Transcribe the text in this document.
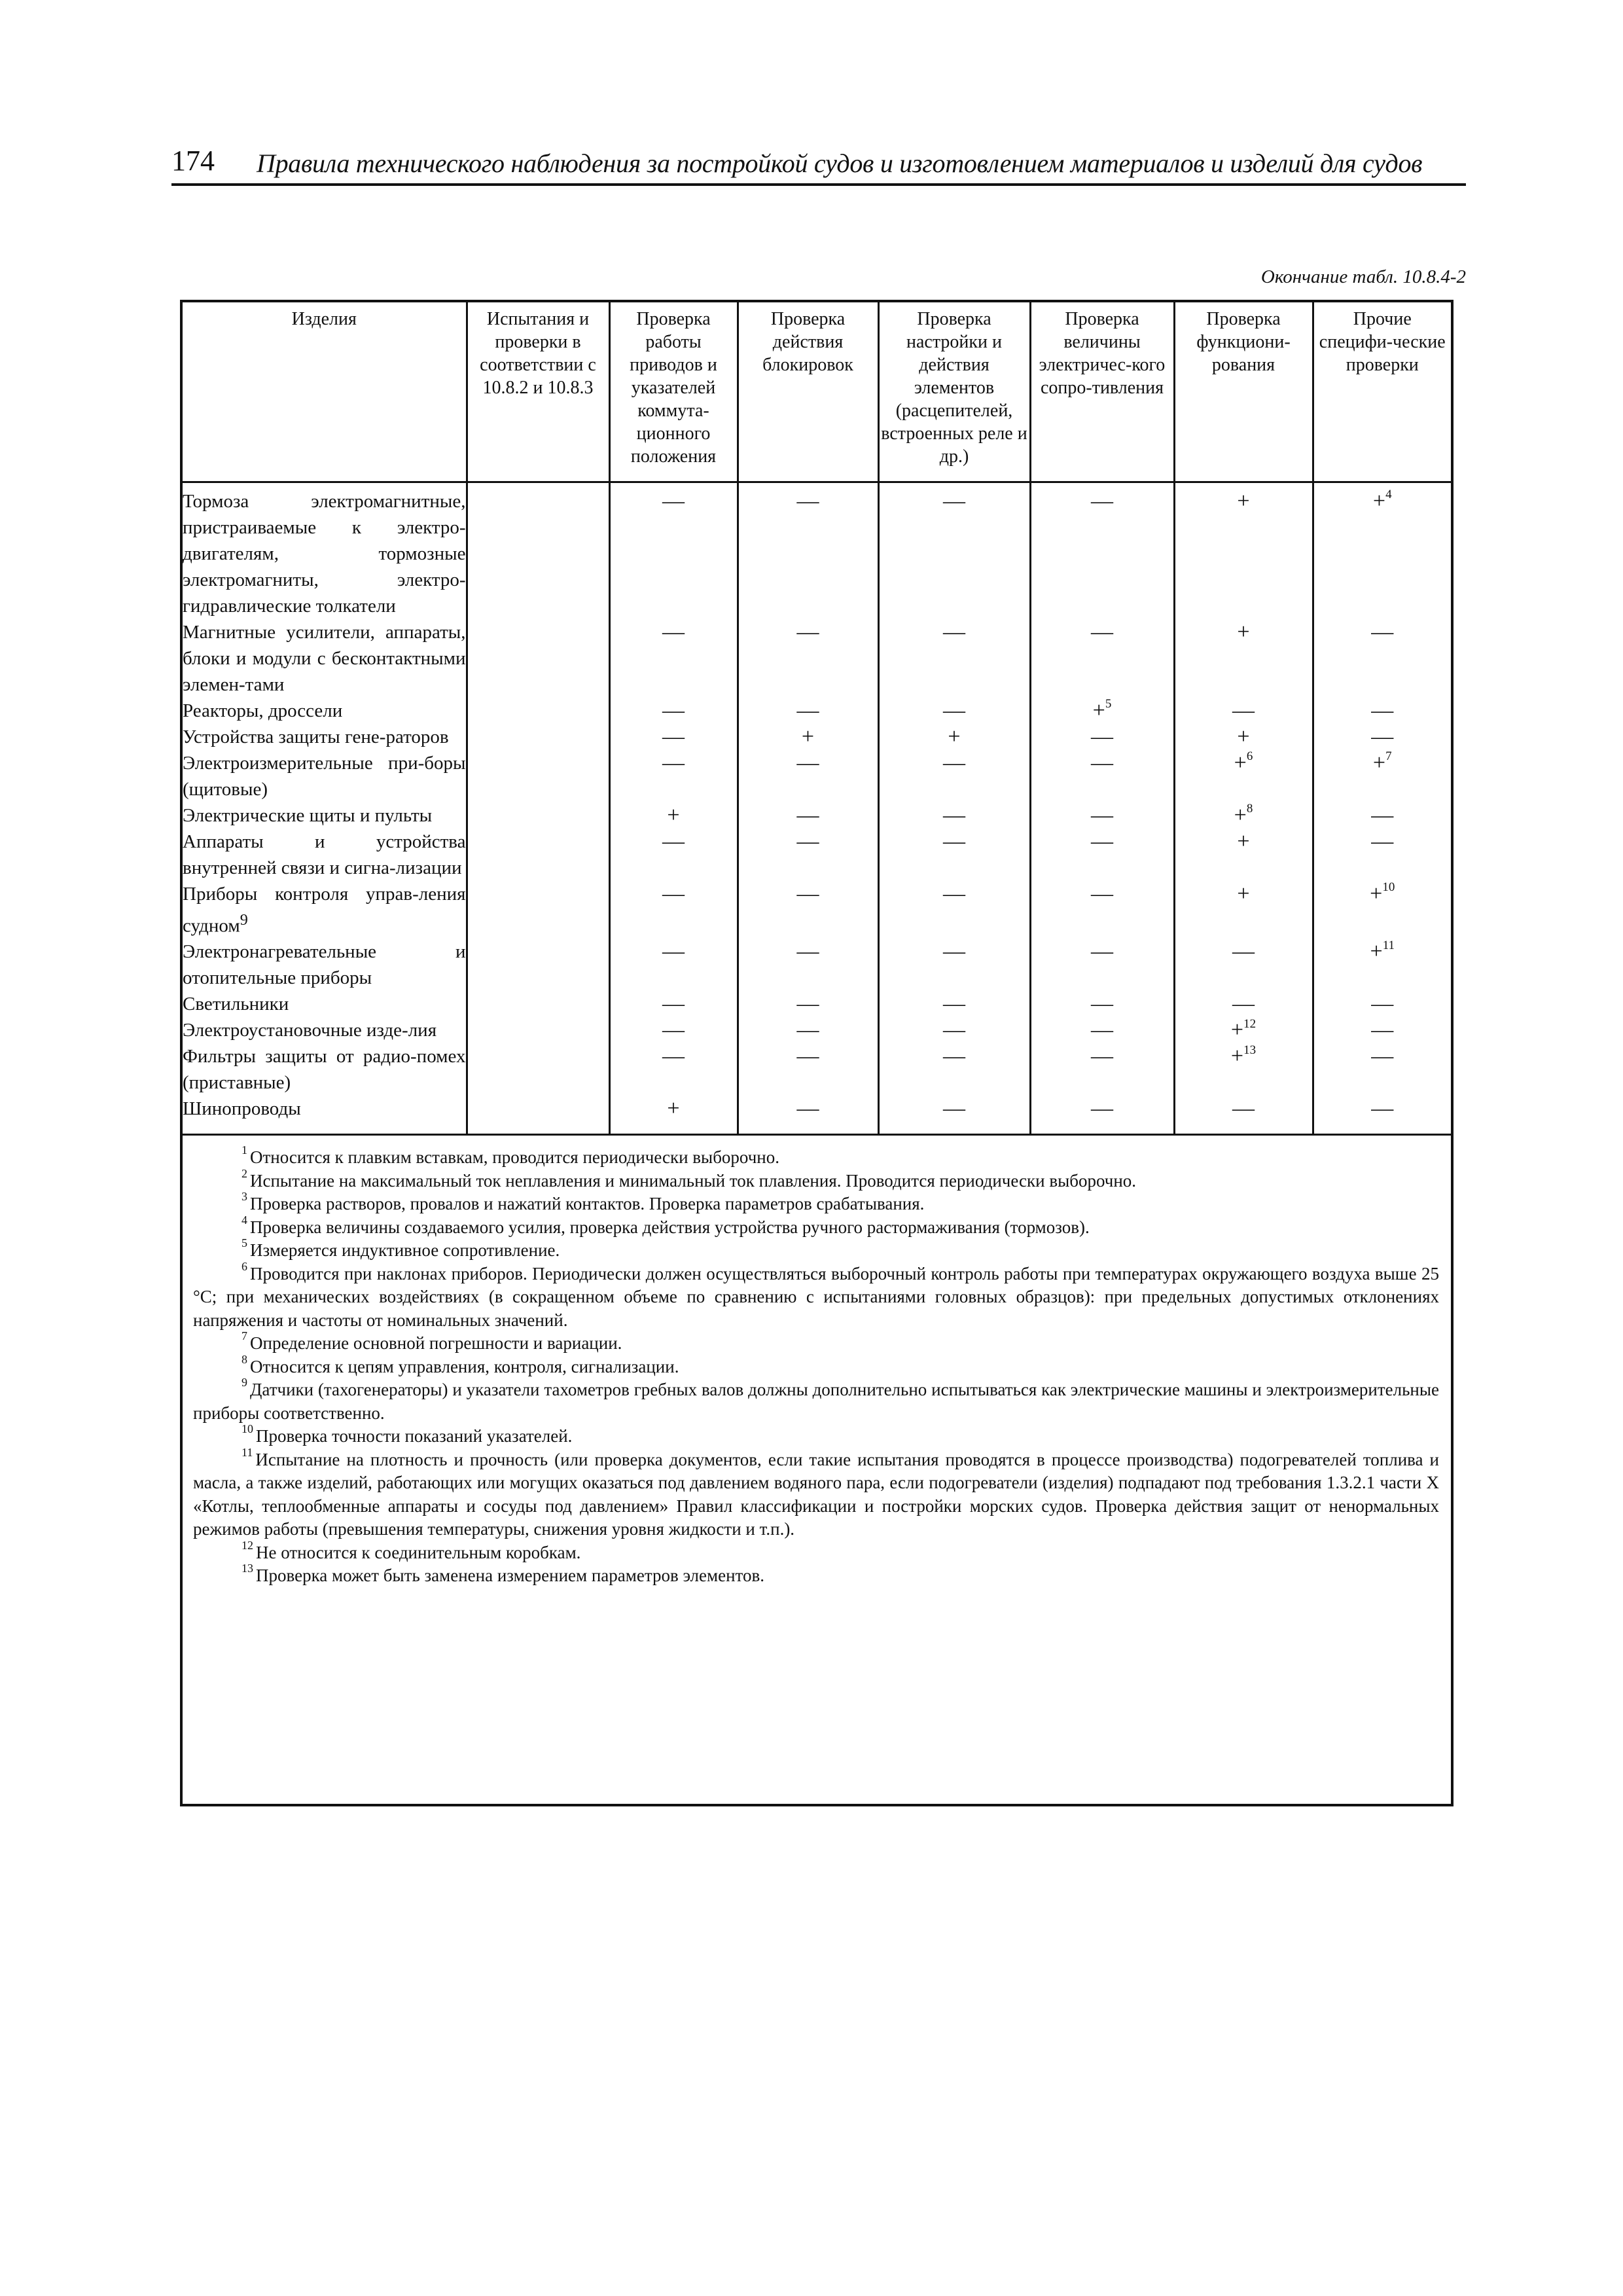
174 Правила технического наблюдения за постройкой судов и изготовлением материалов и изделий для судов
Окончание табл. 10.8.4-2
Изделия	Испытания и проверки в соответствии с 10.8.2 и 10.8.3	Проверка работы приводов и указателей коммута-ционного положения	Проверка действия блокировок	Проверка настройки и действия элементов (расцепителей, встроенных реле и др.)	Проверка величины электричес-кого сопро-тивления	Проверка функциони-рования	Прочие специфи-ческие проверки
Тормоза электромагнитные, пристраиваемые к электро-двигателям, тормозные электромагниты, электро-гидравлические толкатели		—	—	—	—	+	+$^4$
Магнитные усилители, аппараты, блоки и модули с бесконтактными элемен-тами		—	—	—	—	+	—
Реакторы, дроссели		—	—	—	+$^5$	—	—
Устройства защиты гене-раторов		—	+	+	—	+	—
Электроизмерительные при-боры (щитовые)		—	—	—	—	+$^6$	+$^7$
Электрические щиты и пульты		+	—	—	—	+$^8$	—
Аппараты и устройства внутренней связи и сигна-лизации		—	—	—	—	+	—
Приборы контроля управ-ления судном$^9$		—	—	—	—	+	+$^{10}$
Электронагревательные и отопительные приборы		—	—	—	—	—	+$^{11}$
Светильники		—	—	—	—	—	—
Электроустановочные изде-лия		—	—	—	—	+$^{12}$	—
Фильтры защиты от радио-помех (приставные)		—	—	—	—	+$^{13}$	—
Шинопроводы		+	—	—	—	—	—

$^1$ Относится к плавким вставкам, проводится периодически выборочно.
$^2$ Испытание на максимальный ток неплавления и минимальный ток плавления. Проводится периодически выборочно.
$^3$ Проверка растворов, провалов и нажатий контактов. Проверка параметров срабатывания.
$^4$ Проверка величины создаваемого усилия, проверка действия устройства ручного растормаживания (тормозов).
$^5$ Измеряется индуктивное сопротивление.
$^6$ Проводится при наклонах приборов. Периодически должен осуществляться выборочный контроль работы при температурах окружающего воздуха выше 25 °С; при механических воздействиях (в сокращенном объеме по сравнению с испытаниями головных образцов): при предельных допустимых отклонениях напряжения и частоты от номинальных значений.
$^7$ Определение основной погрешности и вариации.
$^8$ Относится к цепям управления, контроля, сигнализации.
$^9$ Датчики (тахогенераторы) и указатели тахометров гребных валов должны дополнительно испытываться как электрические машины и электроизмерительные приборы соответственно.
$^{10}$ Проверка точности показаний указателей.
$^{11}$ Испытание на плотность и прочность (или проверка документов, если такие испытания проводятся в процессе производства) подогревателей топлива и масла, а также изделий, работающих или могущих оказаться под давлением водяного пара, если подогреватели (изделия) подпадают под требования 1.3.2.1 части X «Котлы, теплообменные аппараты и сосуды под давлением» Правил классификации и постройки морских судов. Проверка действия защит от ненормальных режимов работы (превышения температуры, снижения уровня жидкости и т.п.).
$^{12}$ Не относится к соединительным коробкам.
$^{13}$ Проверка может быть заменена измерением параметров элементов.
